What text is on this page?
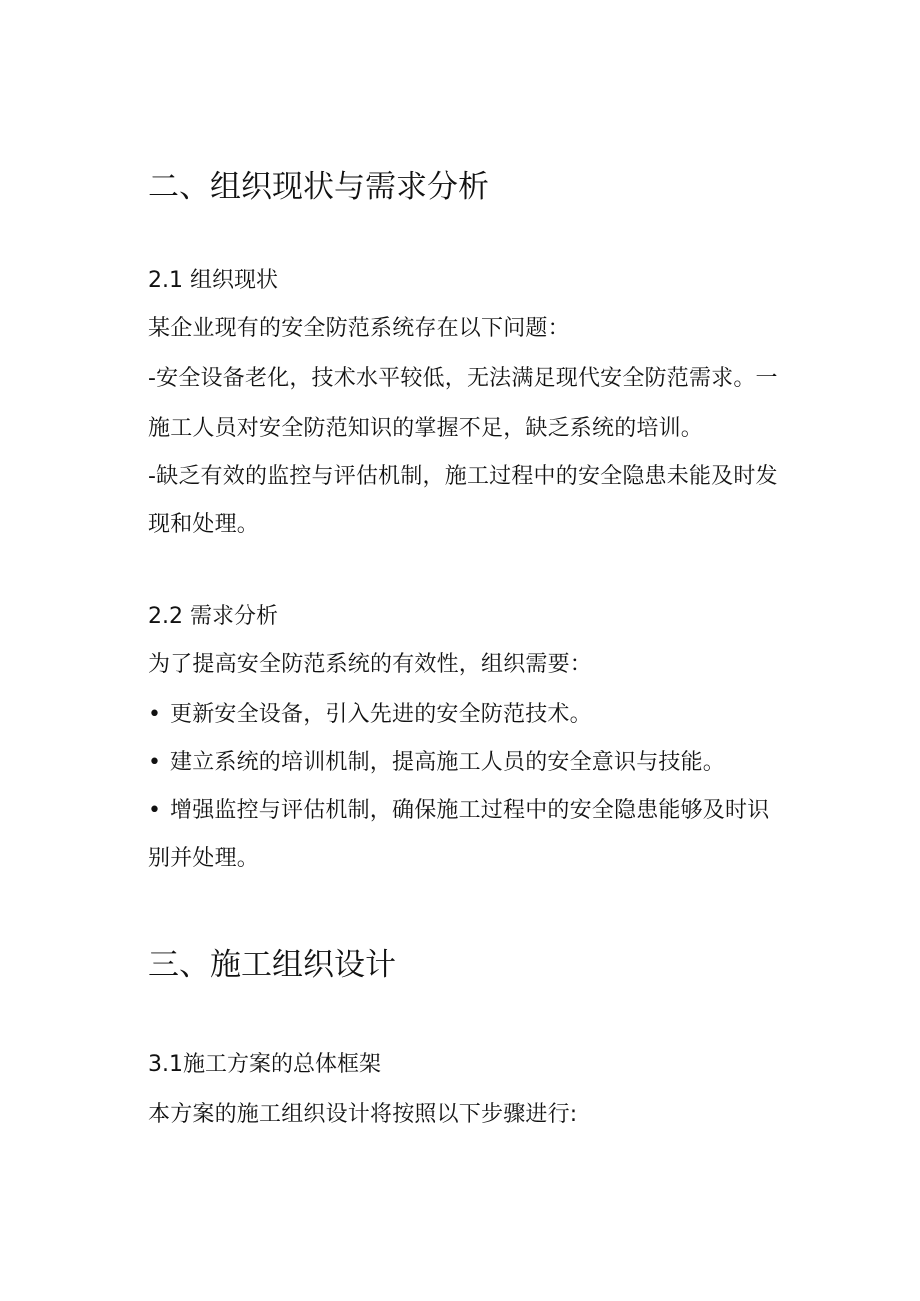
二、组织现状与需求分析
2.1 组织现状
某企业现有的安全防范系统存在以下问题：
-安全设备老化，技术水平较低，无法满足现代安全防范需求。一
施工人员对安全防范知识的掌握不足，缺乏系统的培训。
-缺乏有效的监控与评估机制，施工过程中的安全隐患未能及时发
现和处理。
2.2 需求分析
为了提高安全防范系统的有效性，组织需要：
• 更新安全设备，引入先进的安全防范技术。
• 建立系统的培训机制，提高施工人员的安全意识与技能。
• 增强监控与评估机制，确保施工过程中的安全隐患能够及时识
别并处理。
三、施工组织设计
3.1施工方案的总体框架
本方案的施工组织设计将按照以下步骤进行:
